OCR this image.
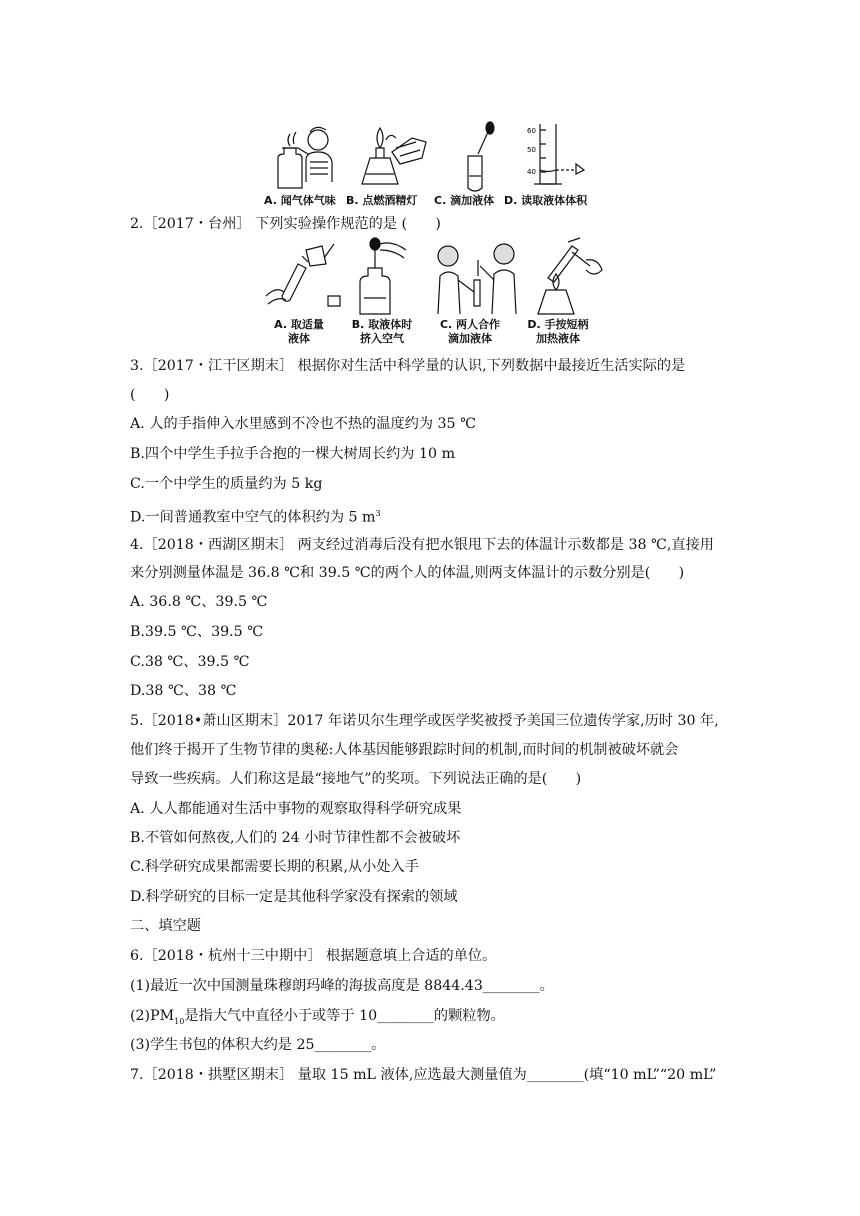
60
50
40
A. 闻气体气味 B. 点燃酒精灯 C. 滴加液体 D. 读取液体体积
2.［2017・台州］ 下列实验操作规范的是 (　　)
A. 取适量
液体
B. 取液体时
挤入空气
C. 两人合作
滴加液体
D. 手按短柄
加热液体
3.［2017・江干区期末］ 根据你对生活中科学量的认识,下列数据中最接近生活实际的是
(　　)
A. 人的手指伸入水里感到不冷也不热的温度约为 35 ℃
B.四个中学生手拉手合抱的一棵大树周长约为 10 m
C.一个中学生的质量约为 5 kg
D.一间普通教室中空气的体积约为 5 $m^3$
4.［2018・西湖区期末］ 两支经过消毒后没有把水银甩下去的体温计示数都是 38 ℃,直接用
来分别测量体温是 36.8 ℃和 39.5 ℃的两个人的体温,则两支体温计的示数分别是(　　)
A. 36.8 ℃、39.5 ℃
B.39.5 ℃、39.5 ℃
C.38 ℃、39.5 ℃
D.38 ℃、38 ℃
5.［2018•萧山区期末］2017 年诺贝尔生理学或医学奖被授予美国三位遗传学家,历时 30 年,
他们终于揭开了生物节律的奥秘:人体基因能够跟踪时间的机制,而时间的机制被破坏就会
导致一些疾病。人们称这是最“接地气”的奖项。下列说法正确的是(　　)
A. 人人都能通对生活中事物的观察取得科学研究成果
B.不管如何熬夜,人们的 24 小时节律性都不会被破坏
C.科学研究成果都需要长期的积累,从小处入手
D.科学研究的目标一定是其他科学家没有探索的领域
二、填空题
6.［2018・杭州十三中期中］ 根据题意填上合适的单位。
(1)最近一次中国测量珠穆朗玛峰的海拔高度是 8844.43________。
$(2)PM_{10}$是指大气中直径小于或等于 10________的颗粒物。
(3)学生书包的体积大约是 25________。
7.［2018・拱墅区期末］ 量取 15 mL 液体,应选最大测量值为________(填“10 mL”“20 mL”
